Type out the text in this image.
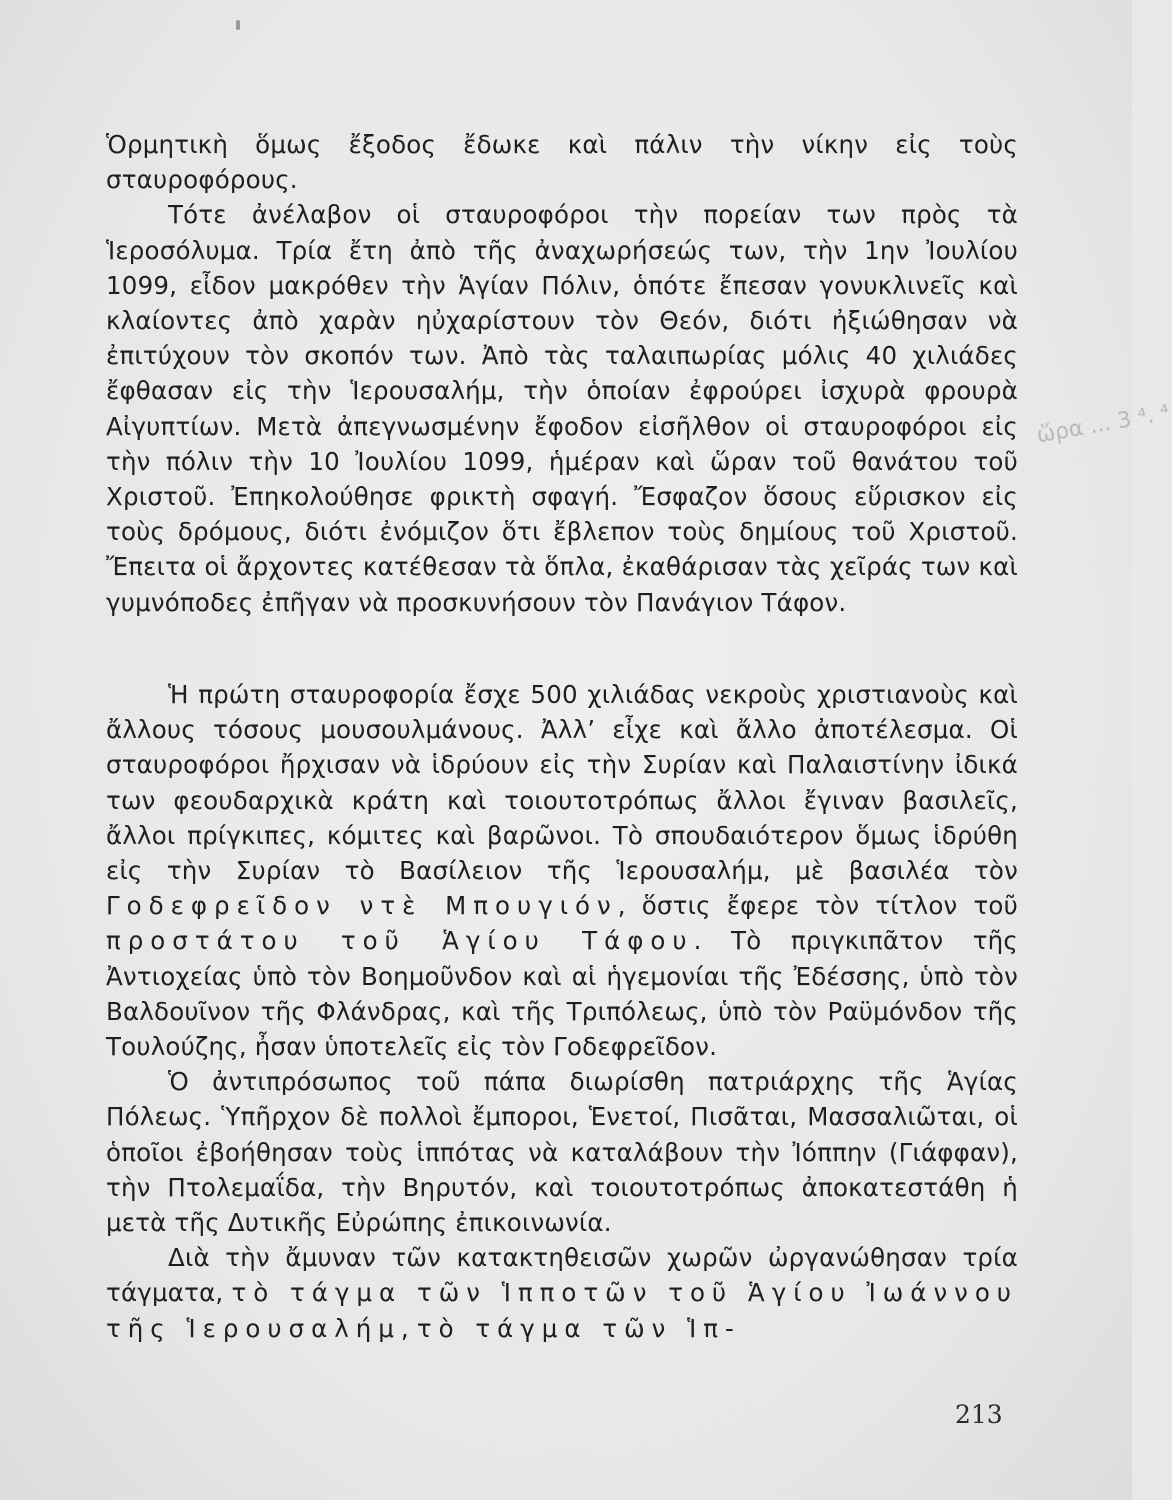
Ὁρμητικὴ ὅμως ἔξοδος ἔδωκε καὶ πάλιν τὴν νίκην εἰς τοὺς σταυροφόρους.

Τότε ἀνέλαβον οἱ σταυροφόροι τὴν πορείαν των πρὸς τὰ Ἱεροσόλυμα. Τρία ἔτη ἀπὸ τῆς ἀναχωρήσεώς των, τὴν 1ην Ἰουλίου 1099, εἶδον μακρόθεν τὴν Ἁγίαν Πόλιν, ὁπότε ἔπεσαν γονυκλινεῖς καὶ κλαίοντες ἀπὸ χαρὰν ηὐχαρίστουν τὸν Θεόν, διότι ἠξιώθησαν νὰ ἐπιτύχουν τὸν σκοπόν των. Ἀπὸ τὰς ταλαιπωρίας μόλις 40 χιλιάδες ἔφθασαν εἰς τὴν Ἱερουσαλήμ, τὴν ὁποίαν ἐφρούρει ἰσχυρὰ φρουρὰ Αἰγυπτίων. Μετὰ ἀπεγνωσμένην ἔφοδον εἰσῆλθον οἱ σταυροφόροι εἰς τὴν πόλιν τὴν 10 Ἰουλίου 1099, ἡμέραν καὶ ὥραν τοῦ θανάτου τοῦ Χριστοῦ. Ἐπηκολούθησε φρικτὴ σφαγή. Ἔσφαζον ὅσους εὕρισκον εἰς τοὺς δρόμους, διότι ἐνόμιζον ὅτι ἔβλεπον τοὺς δημίους τοῦ Χριστοῦ. Ἔπειτα οἱ ἄρχοντες κατέθεσαν τὰ ὅπλα, ἐκαθάρισαν τὰς χεῖράς των καὶ γυμνόποδες ἐπῆγαν νὰ προσκυνήσουν τὸν Πανάγιον Τάφον.

ὥρα ... 3 ⁴. ⁴

Ἡ πρώτη σταυροφορία ἔσχε 500 χιλιάδας νεκροὺς χριστιανοὺς καὶ ἄλλους τόσους μουσουλμάνους. Ἀλλ’ εἶχε καὶ ἄλλο ἀποτέλεσμα. Οἱ σταυροφόροι ἤρχισαν νὰ ἱδρύουν εἰς τὴν Συρίαν καὶ Παλαιστίνην ἰδικά των φεουδαρχικὰ κράτη καὶ τοιουτοτρόπως ἄλλοι ἔγιναν βασιλεῖς, ἄλλοι πρίγκιπες, κόμιτες καὶ βαρῶνοι. Τὸ σπουδαιότερον ὅμως ἱδρύθη εἰς τὴν Συρίαν τὸ Βασίλειον τῆς Ἱερουσαλήμ, μὲ βασιλέα τὸν Γοδεφρεῖδον ντὲ Μπουγιόν, ὅστις ἔφερε τὸν τίτλον τοῦ προστάτου τοῦ Ἁγίου Τάφου. Τὸ πριγκιπᾶτον τῆς Ἀντιοχείας ὑπὸ τὸν Βοημοῦνδον καὶ αἱ ἡγεμονίαι τῆς Ἐδέσσης, ὑπὸ τὸν Βαλδουῖνον τῆς Φλάνδρας, καὶ τῆς Τριπόλεως, ὑπὸ τὸν Ραϋμόνδον τῆς Τουλούζης, ἦσαν ὑποτελεῖς εἰς τὸν Γοδεφρεῖδον.

Ὁ ἀντιπρόσωπος τοῦ πάπα διωρίσθη πατριάρχης τῆς Ἁγίας Πόλεως. Ὑπῆρχον δὲ πολλοὶ ἔμποροι, Ἑνετοί, Πισᾶται, Μασσαλιῶται, οἱ ὁποῖοι ἐβοήθησαν τοὺς ἱππότας νὰ καταλάβουν τὴν Ἰόππην (Γιάφφαν), τὴν Πτολεμαΐδα, τὴν Βηρυτόν, καὶ τοιουτοτρόπως ἀποκατεστάθη ἡ μετὰ τῆς Δυτικῆς Εὐρώπης ἐπικοινωνία.

Διὰ τὴν ἄμυναν τῶν κατακτηθεισῶν χωρῶν ὠργανώθησαν τρία τάγματα, τὸ τάγμα τῶν Ἱπποτῶν τοῦ Ἁγίου Ἰωάννου τῆς Ἱερουσαλήμ, τὸ τάγμα τῶν Ἱπ-

213
